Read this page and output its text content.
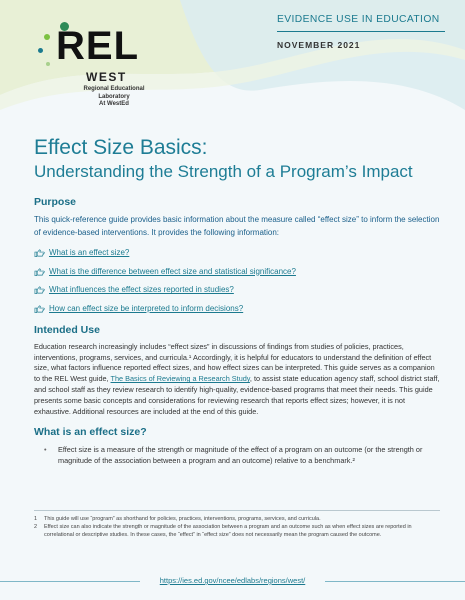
REL
WEST
Regional Educational Laboratory
At WestEd
EVIDENCE USE IN EDUCATION
NOVEMBER 2021
Effect Size Basics:
Understanding the Strength of a Program’s Impact
Purpose

This quick-reference guide provides basic information about the measure called “effect size” to inform the selection of evidence-based interventions. It provides the following information:

What is an effect size?
What is the difference between effect size and statistical significance?
What influences the effect sizes reported in studies?
How can effect size be interpreted to inform decisions?
Intended Use

Education research increasingly includes “effect sizes” in discussions of findings from studies of policies, practices, interventions, programs, services, and curricula.¹ Accordingly, it is helpful for educators to understand the definition of effect size, what factors influence reported effect sizes, and how effect sizes can be interpreted. This guide serves as a companion to the REL West guide, The Basics of Reviewing a Research Study, to assist state education agency staff, school district staff, and school staff as they review research to identify high-quality, evidence-based programs that meet their needs. This guide presents some basic concepts and considerations for reviewing research that reports effect sizes; however, it is not exhaustive. Additional resources are included at the end of this guide.

What is an effect size?
•	Effect size is a measure of the strength or magnitude of the effect of a program on an outcome (or the strength or magnitude of the association between a program and an outcome) relative to a benchmark.²
1	This guide will use “program” as shorthand for policies, practices, interventions, programs, services, and curricula.
2	Effect size can also indicate the strength or magnitude of the association between a program and an outcome such as when effect sizes are reported in correlational or descriptive studies. In these cases, the “effect” in “effect size” does not necessarily mean the program caused the outcome.
https://ies.ed.gov/ncee/edlabs/regions/west/
